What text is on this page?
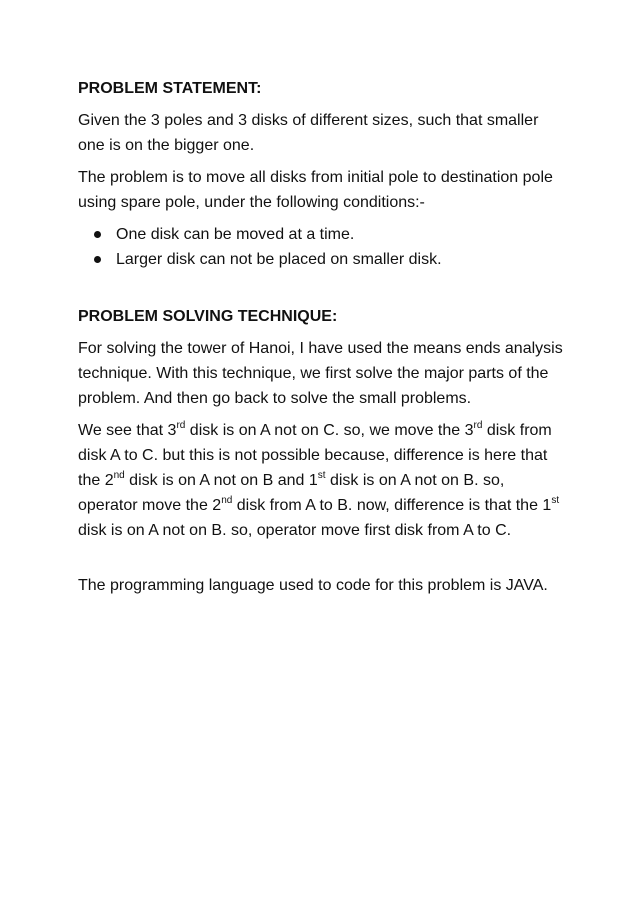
PROBLEM STATEMENT:

Given the 3 poles and 3 disks of different sizes, such that smaller one is on the bigger one.

The problem is to move all disks from initial pole to destination pole using spare pole, under the following conditions:-

One disk can be moved at a time.
Larger disk can not be placed on smaller disk.
PROBLEM SOLVING TECHNIQUE:

For solving the tower of Hanoi, I have used the means ends analysis technique. With this technique, we first solve the major parts of the problem. And then go back to solve the small problems.

We see that 3rd disk is on A not on C. so, we move the 3rd disk from disk A to C. but this is not possible because, difference is here that the 2nd disk is on A not on B and 1st disk is on A not on B. so, operator move the 2nd disk from A to B. now, difference is that the 1st disk is on A not on B. so, operator move first disk from A to C.

The programming language used to code for this problem is JAVA.
